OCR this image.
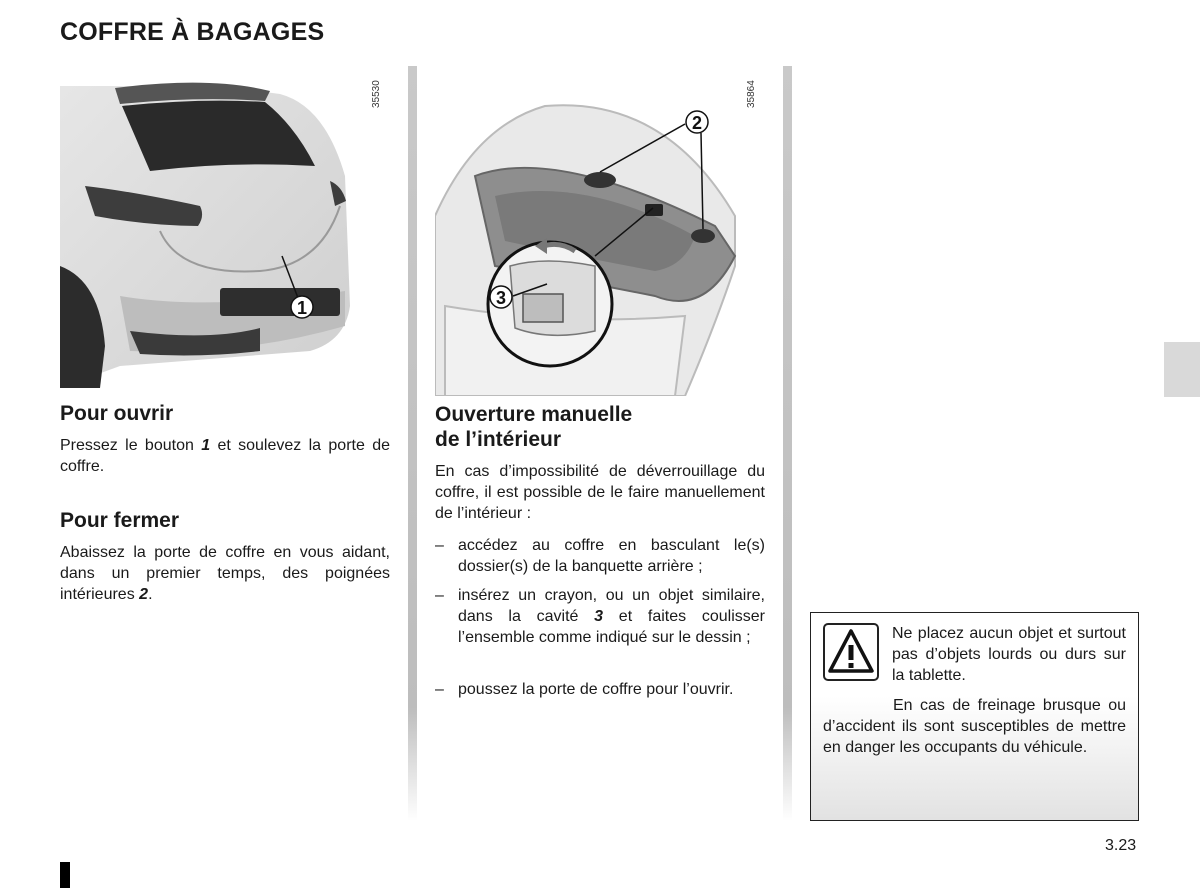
COFFRE À BAGAGES
1
35530
2
3
35864
Pour ouvrir

Pressez le bouton 1 et soulevez la porte de coffre.

Pour fermer

Abaissez la porte de coffre en vous aidant, dans un premier temps, des poignées intérieures 2.

Ouverture manuelle
de l’intérieur

En cas d’impossibilité de déverrouillage du coffre, il est possible de le faire manuellement de l’intérieur :

– accédez au coffre en basculant le(s) dossier(s) de la banquette arrière ;
– insérez un crayon, ou un objet similaire, dans la cavité 3 et faites coulisser l’ensemble comme indiqué sur le dessin ;
– poussez la porte de coffre pour l’ouvrir.

Ne placez aucun objet et surtout pas d’objets lourds ou durs sur la tablette.

En cas de freinage brusque ou d’accident ils sont susceptibles de mettre en danger les occupants du véhicule.

3.23
